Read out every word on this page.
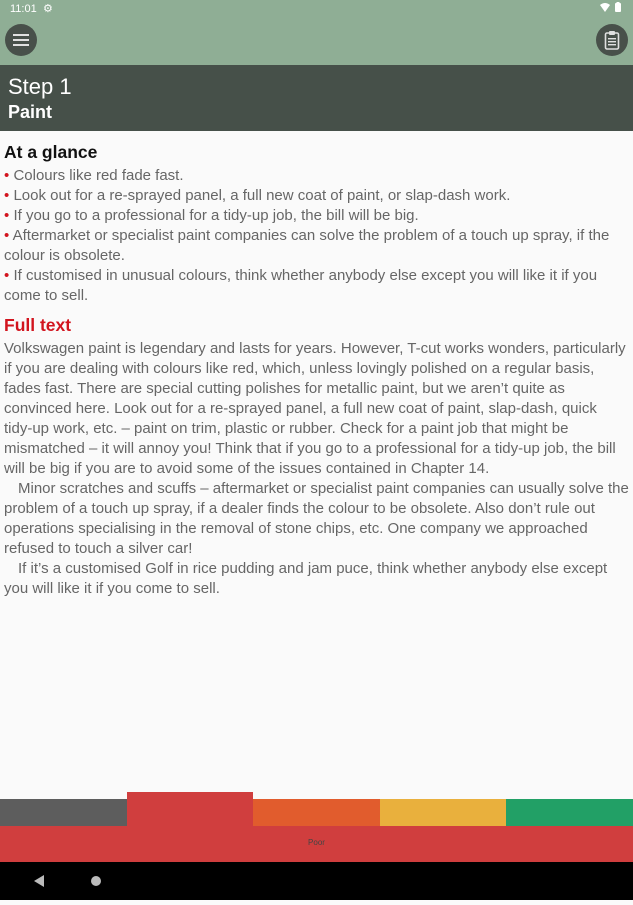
11:01 ⚙
Step 1
Paint
At a glance
• Colours like red fade fast.
• Look out for a re-sprayed panel, a full new coat of paint, or slap-dash work.
• If you go to a professional for a tidy-up job, the bill will be big.
• Aftermarket or specialist paint companies can solve the problem of a touch up spray, if the colour is obsolete.
• If customised in unusual colours, think whether anybody else except you will like it if you come to sell.
Full text

Volkswagen paint is legendary and lasts for years. However, T-cut works wonders, particularly if you are dealing with colours like red, which, unless lovingly polished on a regular basis, fades fast. There are special cutting polishes for metallic paint, but we aren’t quite as convinced here. Look out for a re-sprayed panel, a full new coat of paint, slap-dash, quick tidy-up work, etc. – paint on trim, plastic or rubber. Check for a paint job that might be mismatched – it will annoy you! Think that if you go to a professional for a tidy-up job, the bill will be big if you are to avoid some of the issues contained in Chapter 14.

Minor scratches and scuffs – aftermarket or specialist paint companies can usually solve the problem of a touch up spray, if a dealer finds the colour to be obsolete. Also don’t rule out operations specialising in the removal of stone chips, etc. One company we approached refused to touch a silver car!

If it’s a customised Golf in rice pudding and jam puce, think whether anybody else except you will like it if you come to sell.

Poor
